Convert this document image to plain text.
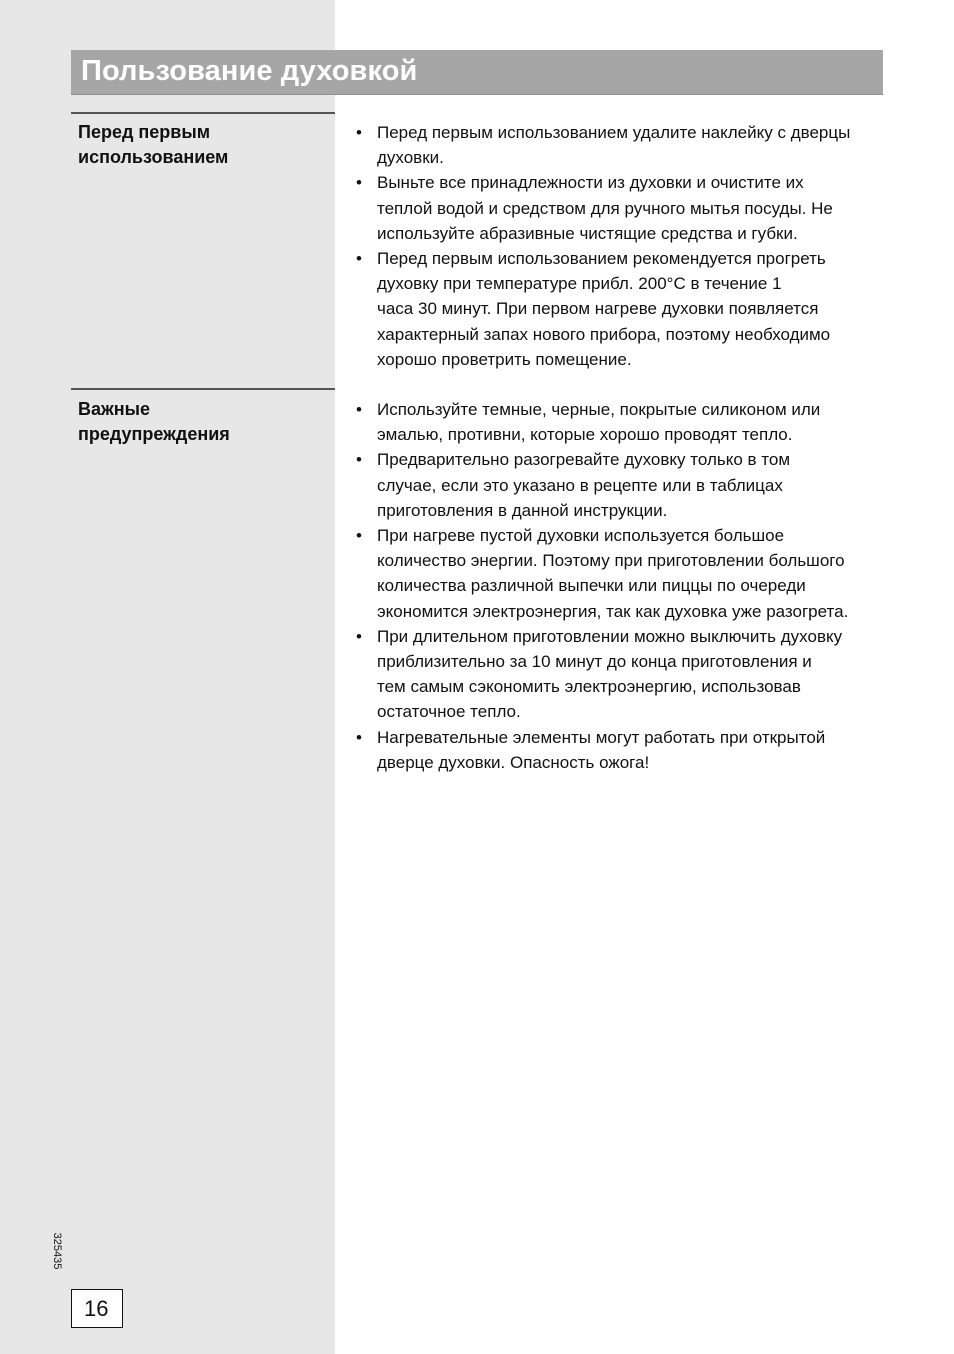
Пользование духовкой
Перед первым
использованием
• Перед первым использованием удалите наклейку с дверцы
духовки.
• Выньте все принадлежности из духовки и очистите их
теплой водой и средством для ручного мытья посуды. Не
используйте абразивные чистящие средства и губки.
• Перед первым использованием рекомендуется прогреть
духовку при температуре прибл. 200°C в течение 1
часа 30 минут. При первом нагреве духовки появляется
характерный запах нового прибора, поэтому необходимо
хорошо проветрить помещение.
Важные
предупреждения
• Используйте темные, черные, покрытые силиконом или
эмалью, противни, которые хорошо проводят тепло.
• Предварительно разогревайте духовку только в том
случае, если это указано в рецепте или в таблицах
приготовления в данной инструкции.
• При нагреве пустой духовки используется большое
количество энергии. Поэтому при приготовлении большого
количества различной выпечки или пиццы по очереди
экономится электроэнергия, так как духовка уже разогрета.
• При длительном приготовлении можно выключить духовку
приблизительно за 10 минут до конца приготовления и
тем самым сэкономить электроэнергию, использовав
остаточное тепло.
• Нагревательные элементы могут работать при открытой
дверце духовки. Опасность ожога!
325435
16
